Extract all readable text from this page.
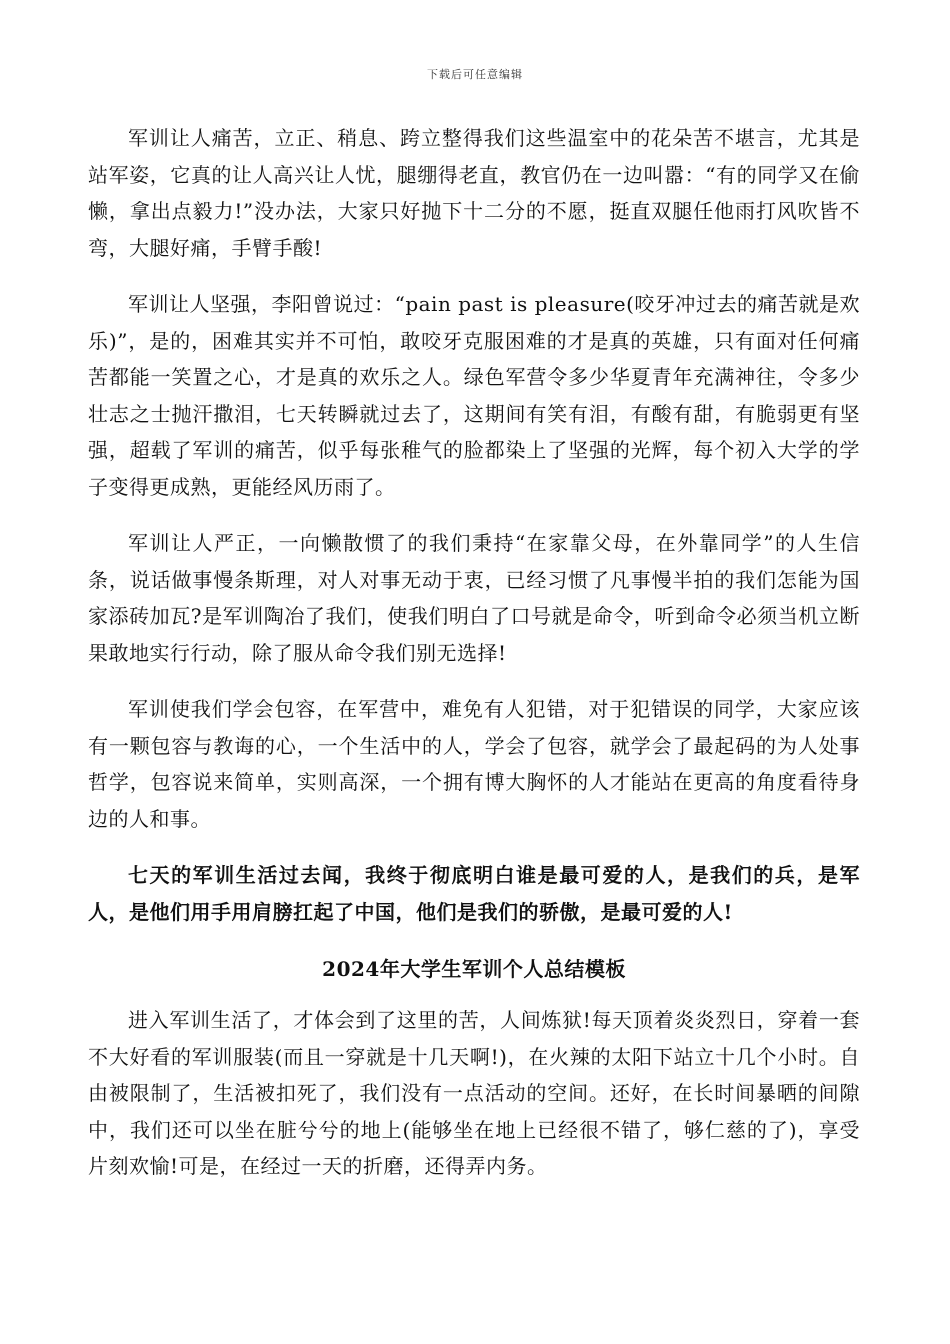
下载后可任意编辑

军训让人痛苦，立正、稍息、跨立整得我们这些温室中的花朵苦不堪言，尤其是站军姿，它真的让人高兴让人忧，腿绷得老直，教官仍在一边叫嚣：“有的同学又在偷懒，拿出点毅力!”没办法，大家只好抛下十二分的不愿，挺直双腿任他雨打风吹皆不弯，大腿好痛，手臂手酸!

军训让人坚强，李阳曾说过：“pain past is pleasure(咬牙冲过去的痛苦就是欢乐)”，是的，困难其实并不可怕，敢咬牙克服困难的才是真的英雄，只有面对任何痛苦都能一笑置之心，才是真的欢乐之人。绿色军营令多少华夏青年充满神往，令多少壮志之士抛汗撒泪，七天转瞬就过去了，这期间有笑有泪，有酸有甜，有脆弱更有坚强，超载了军训的痛苦，似乎每张稚气的脸都染上了坚强的光辉，每个初入大学的学子变得更成熟，更能经风历雨了。

军训让人严正，一向懒散惯了的我们秉持“在家靠父母，在外靠同学”的人生信条，说话做事慢条斯理，对人对事无动于衷，已经习惯了凡事慢半拍的我们怎能为国家添砖加瓦?是军训陶冶了我们，使我们明白了口号就是命令，听到命令必须当机立断果敢地实行行动，除了服从命令我们别无选择!

军训使我们学会包容，在军营中，难免有人犯错，对于犯错误的同学，大家应该有一颗包容与教诲的心，一个生活中的人，学会了包容，就学会了最起码的为人处事哲学，包容说来简单，实则高深，一个拥有博大胸怀的人才能站在更高的角度看待身边的人和事。

七天的军训生活过去闻，我终于彻底明白谁是最可爱的人，是我们的兵，是军人，是他们用手用肩膀扛起了中国，他们是我们的骄傲，是最可爱的人!

2024年大学生军训个人总结模板

进入军训生活了，才体会到了这里的苦，人间炼狱!每天顶着炎炎烈日，穿着一套不大好看的军训服装(而且一穿就是十几天啊!)，在火辣的太阳下站立十几个小时。自由被限制了，生活被扣死了，我们没有一点活动的空间。还好，在长时间暴晒的间隙中，我们还可以坐在脏兮兮的地上(能够坐在地上已经很不错了，够仁慈的了)，享受片刻欢愉!可是，在经过一天的折磨，还得弄内务。
